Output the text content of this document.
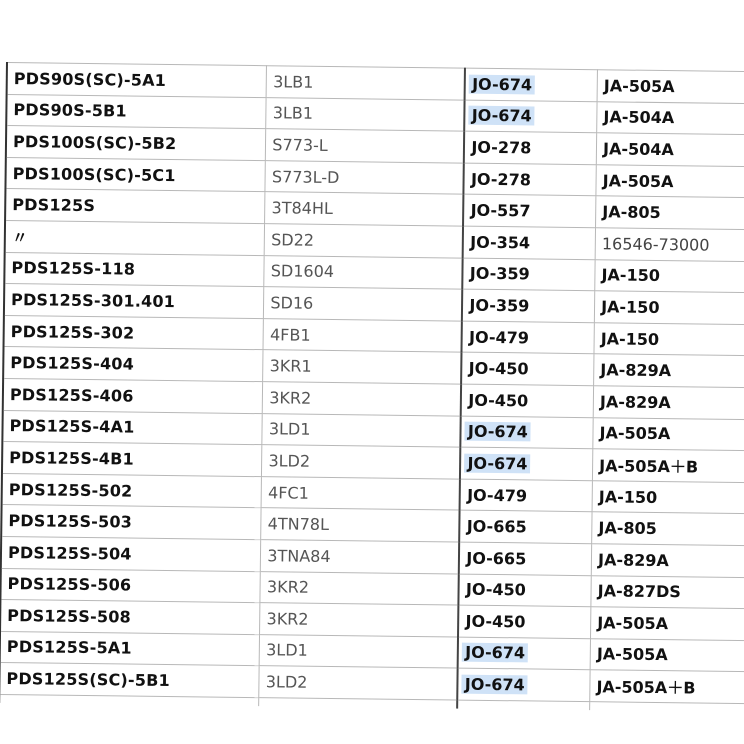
PDS90S(SC)-5A1	3LB1	JO-674	JA-505A
PDS90S-5B1	3LB1	JO-674	JA-504A
PDS100S(SC)-5B2	S773-L	JO-278	JA-504A
PDS100S(SC)-5C1	S773L-D	JO-278	JA-505A
PDS125S	3T84HL	JO-557	JA-805
〃	SD22	JO-354	16546-73000
PDS125S-118	SD1604	JO-359	JA-150
PDS125S-301.401	SD16	JO-359	JA-150
PDS125S-302	4FB1	JO-479	JA-150
PDS125S-404	3KR1	JO-450	JA-829A
PDS125S-406	3KR2	JO-450	JA-829A
PDS125S-4A1	3LD1	JO-674	JA-505A
PDS125S-4B1	3LD2	JO-674	JA-505A＋B
PDS125S-502	4FC1	JO-479	JA-150
PDS125S-503	4TN78L	JO-665	JA-805
PDS125S-504	3TNA84	JO-665	JA-829A
PDS125S-506	3KR2	JO-450	JA-827DS
PDS125S-508	3KR2	JO-450	JA-505A
PDS125S-5A1	3LD1	JO-674	JA-505A
PDS125S(SC)-5B1	3LD2	JO-674	JA-505A＋B
